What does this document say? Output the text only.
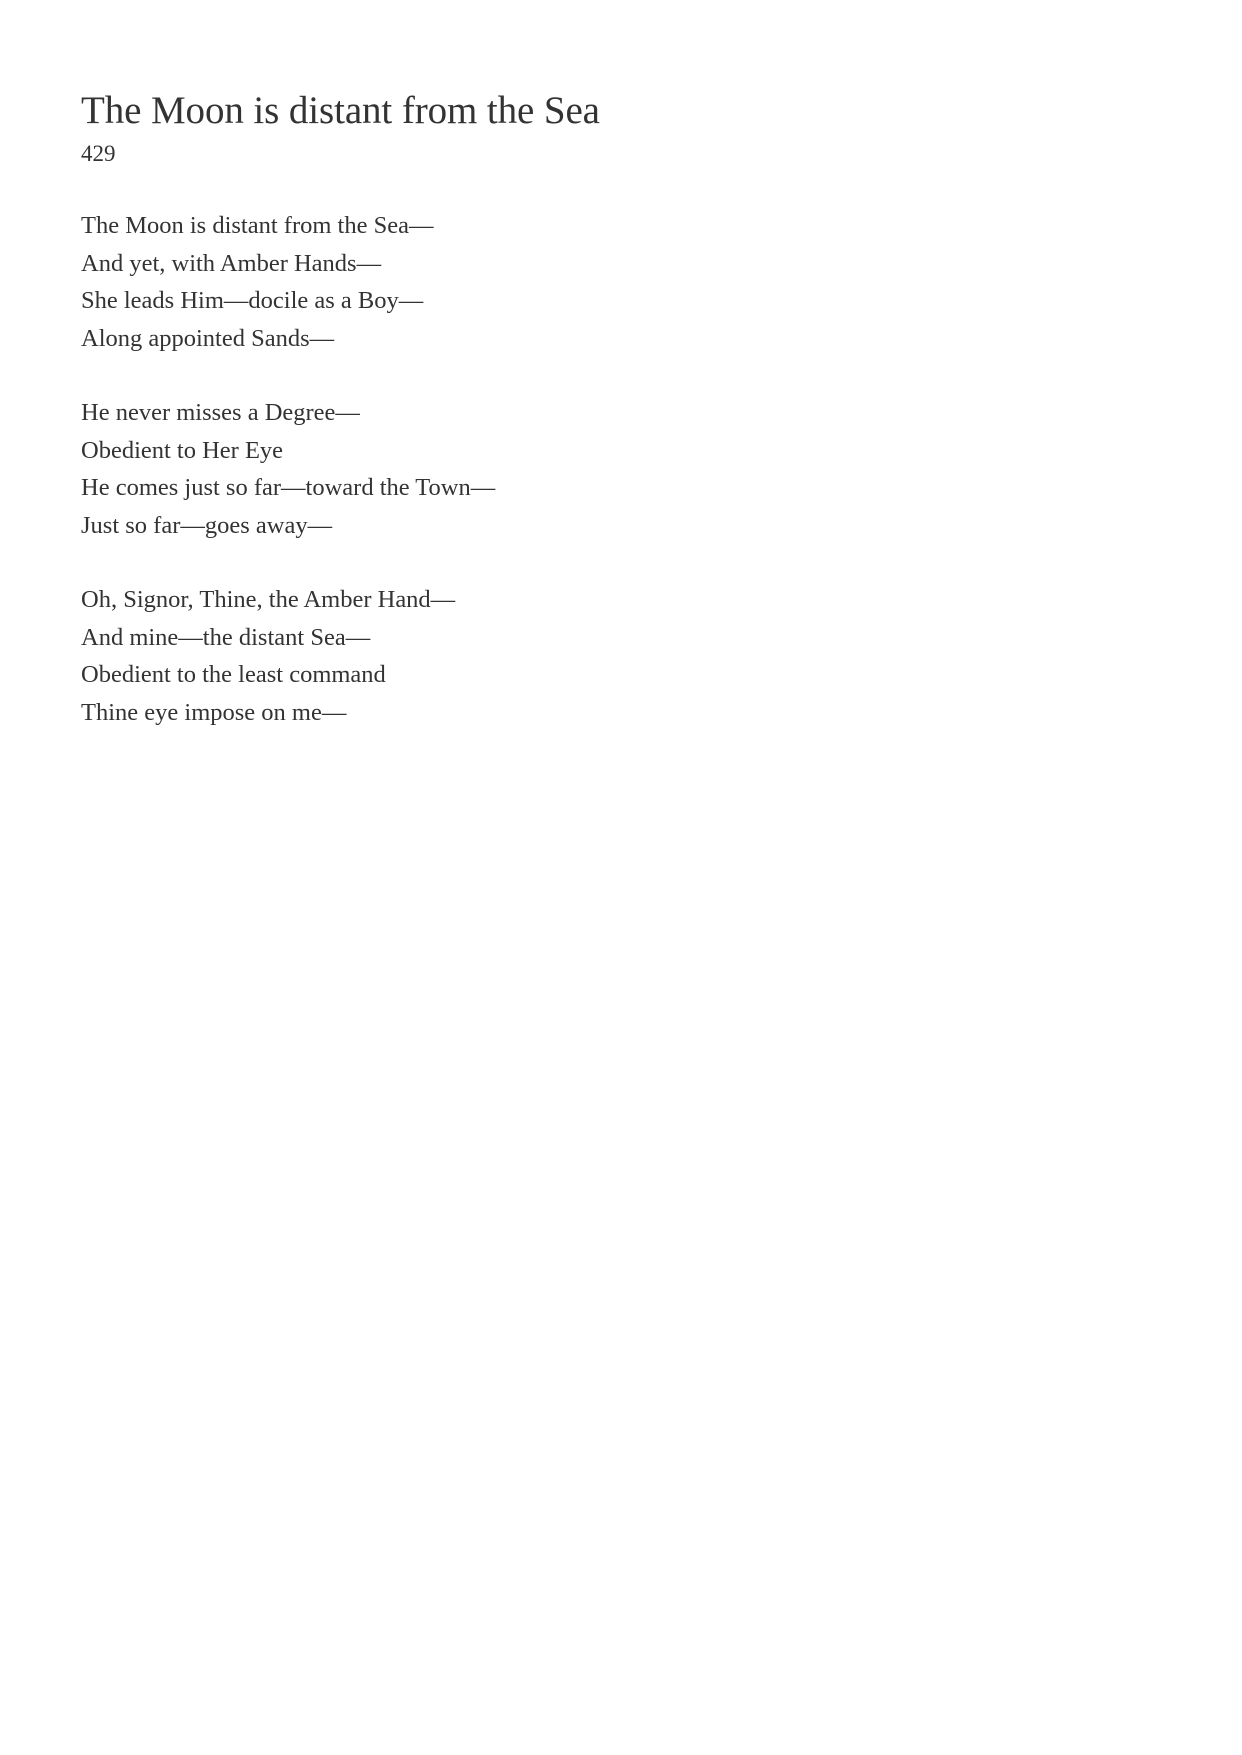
The Moon is distant from the Sea
429
The Moon is distant from the Sea—
And yet, with Amber Hands—
She leads Him—docile as a Boy—
Along appointed Sands—
He never misses a Degree—
Obedient to Her Eye
He comes just so far—toward the Town—
Just so far—goes away—
Oh, Signor, Thine, the Amber Hand—
And mine—the distant Sea—
Obedient to the least command
Thine eye impose on me—
